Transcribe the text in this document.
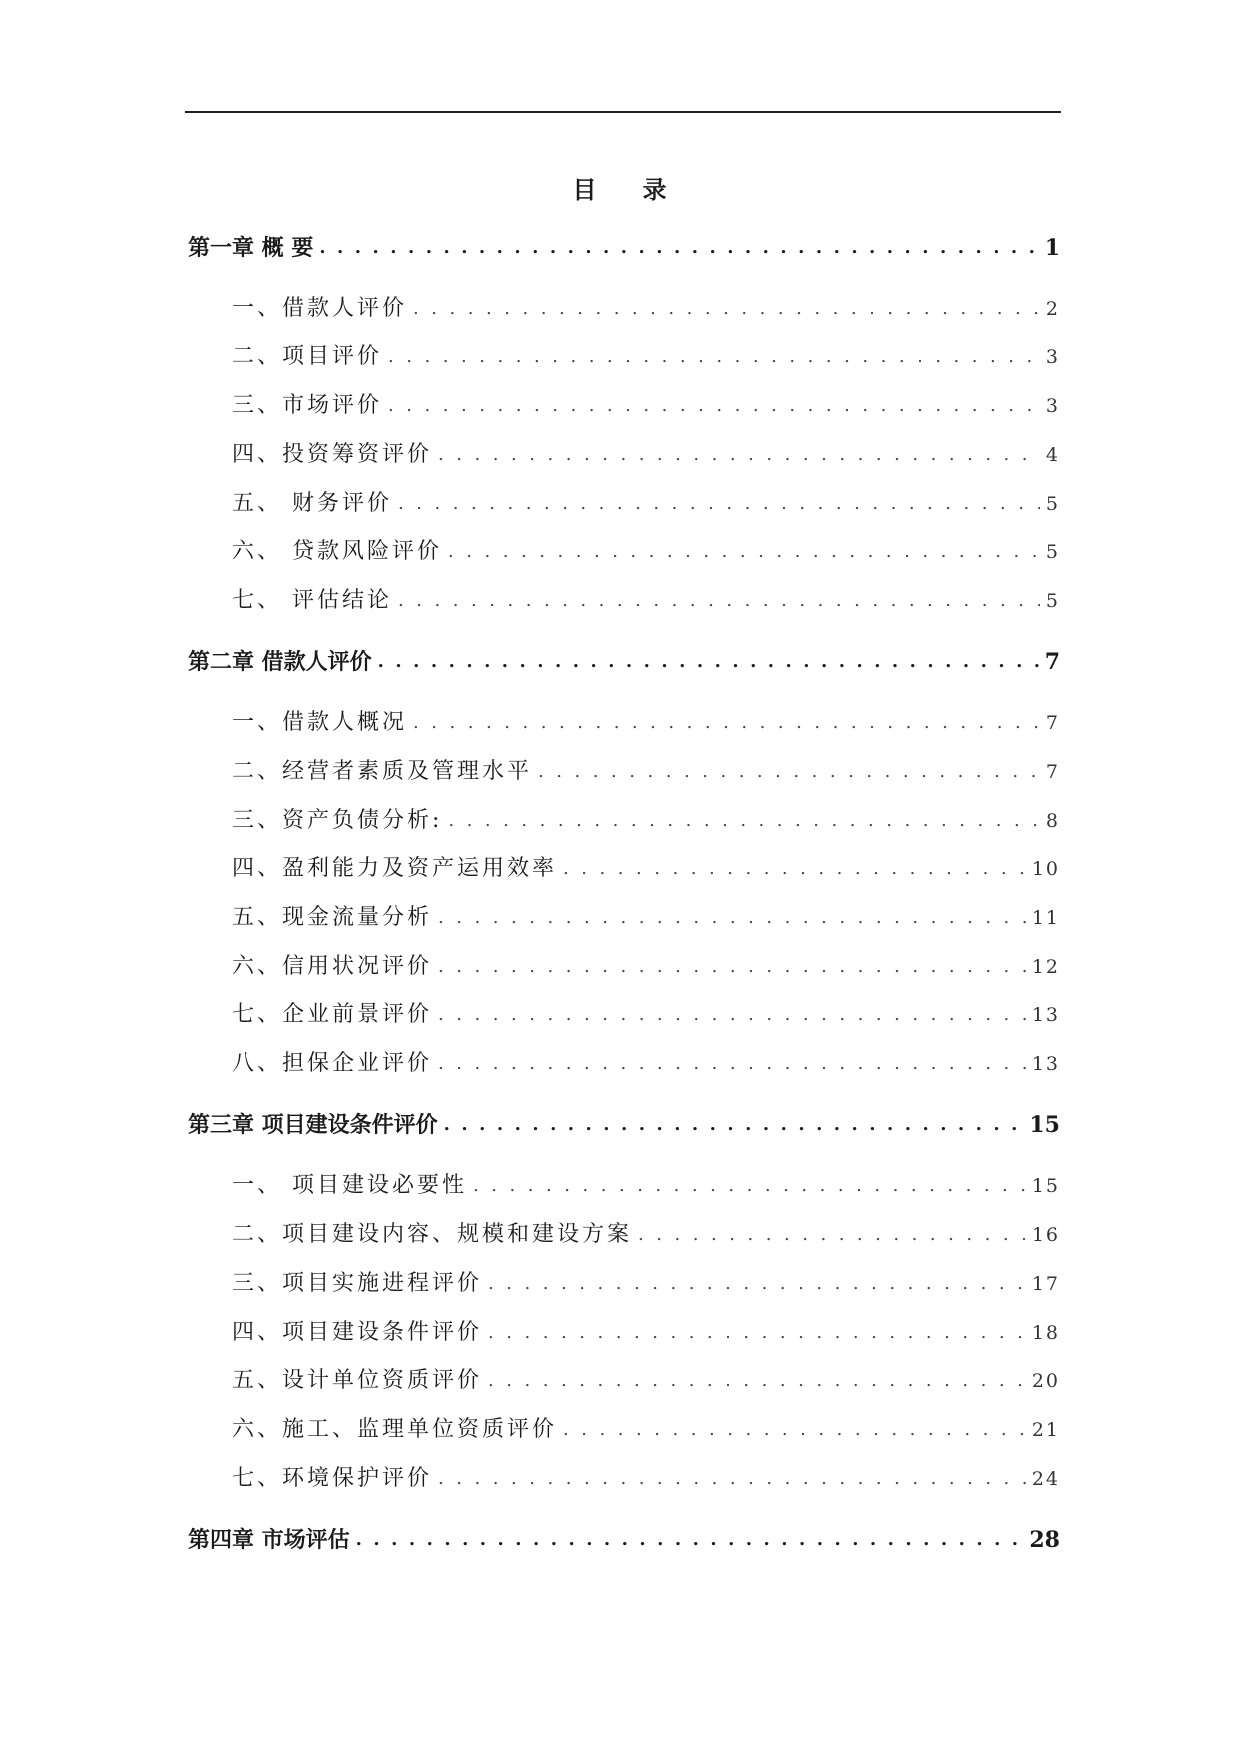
目 录
第一章 概 要 . . .	1
一、借款人评价 . . .	2
二、项目评价 . . .	3
三、市场评价 . . .	3
四、投资筹资评价 . . .	4
五、 财务评价 . . .	5
六、 贷款风险评价 . . .	5
七、 评估结论 . . .	5
第二章 借款人评价 . . .	7
一、借款人概况 . . .	7
二、经营者素质及管理水平 . . .	7
三、资产负债分析: . . .	8
四、盈利能力及资产运用效率 . . .	10
五、现金流量分析 . . .	11
六、信用状况评价 . . .	12
七、企业前景评价 . . .	13
八、担保企业评价 . . .	13
第三章 项目建设条件评价 . . .	15
一、 项目建设必要性 . . .	15
二、项目建设内容、规模和建设方案 . . .	16
三、项目实施进程评价 . . .	17
四、项目建设条件评价 . . .	18
五、设计单位资质评价 . . .	20
六、施工、监理单位资质评价 . . .	21
七、环境保护评价 . . .	24
第四章 市场评估 . . .	28
